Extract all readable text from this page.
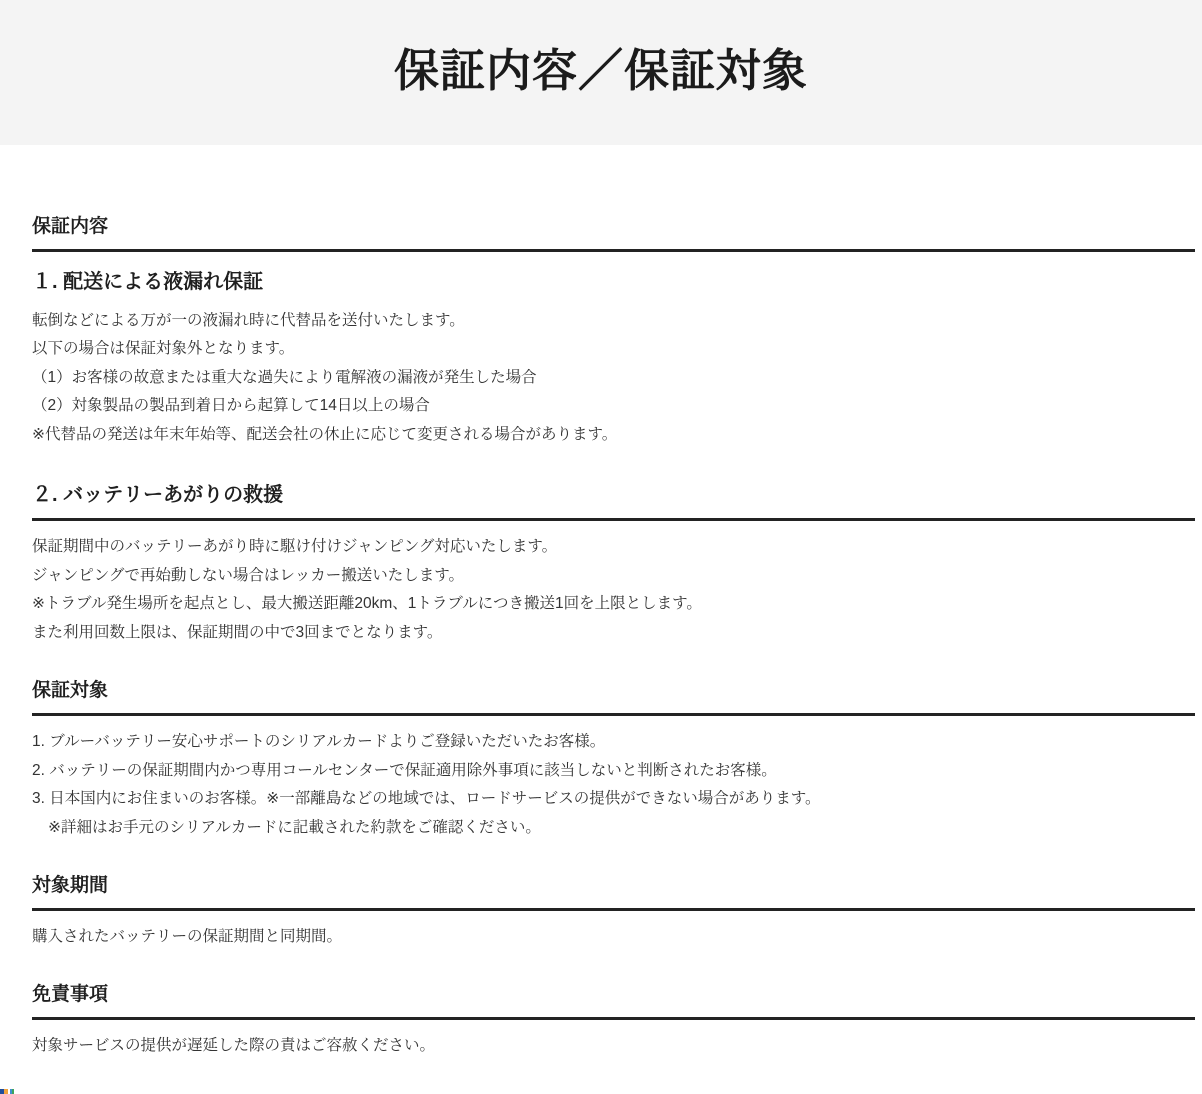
保証内容／保証対象
保証内容
１. 配送による液漏れ保証

転倒などによる万が一の液漏れ時に代替品を送付いたします。

以下の場合は保証対象外となります。

（1）お客様の故意または重大な過失により電解液の漏液が発生した場合

（2）対象製品の製品到着日から起算して14日以上の場合

※代替品の発送は年末年始等、配送会社の休止に応じて変更される場合があります。

２. バッテリーあがりの救援

保証期間中のバッテリーあがり時に駆け付けジャンピング対応いたします。

ジャンピングで再始動しない場合はレッカー搬送いたします。

※トラブル発生場所を起点とし、最大搬送距離20km、1トラブルにつき搬送1回を上限とします。

また利用回数上限は、保証期間の中で3回までとなります。

保証対象

1. ブルーバッテリー安心サポートのシリアルカードよりご登録いただいたお客様。

2. バッテリーの保証期間内かつ専用コールセンターで保証適用除外事項に該当しないと判断されたお客様。

3. 日本国内にお住まいのお客様。※一部離島などの地域では、ロードサービスの提供ができない場合があります。

※詳細はお手元のシリアルカードに記載された約款をご確認ください。

対象期間

購入されたバッテリーの保証期間と同期間。

免責事項

対象サービスの提供が遅延した際の責はご容赦ください。
